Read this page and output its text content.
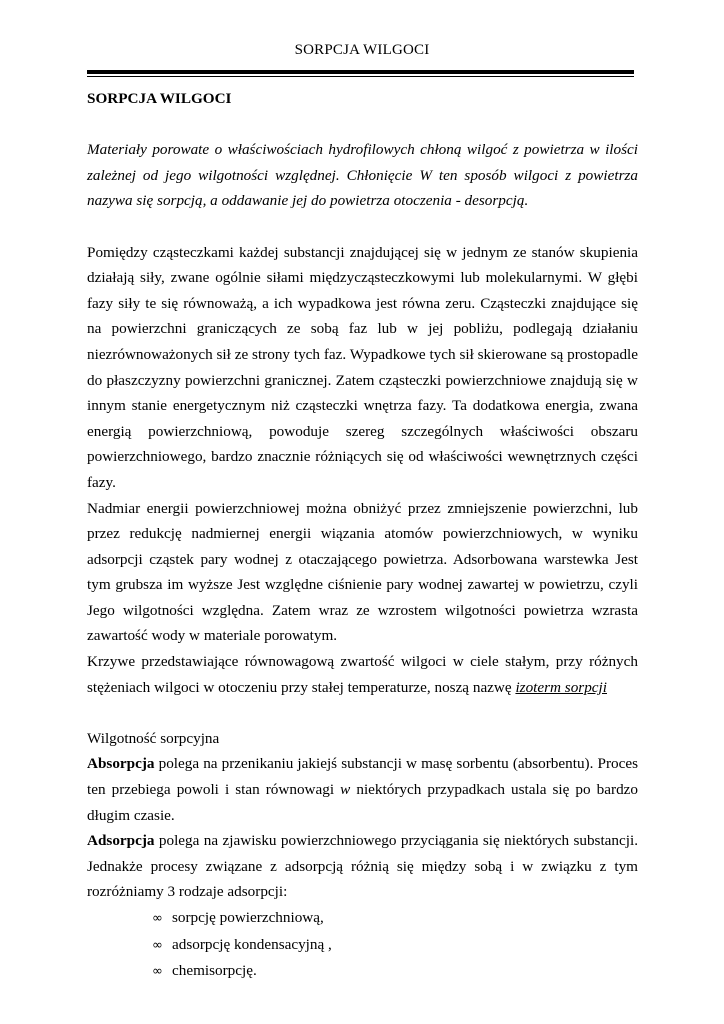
SORPCJA WILGOCI

SORPCJA WILGOCI

Materiały porowate o właściwościach hydrofilowych chłoną wilgoć z powietrza w ilości zależnej od jego wilgotności względnej. Chłonięcie W ten sposób wilgoci z powietrza nazywa się sorpcją, a oddawanie jej do powietrza otoczenia - desorpcją.

Pomiędzy cząsteczkami każdej substancji znajdującej się w jednym ze stanów skupienia działają siły, zwane ogólnie siłami międzycząsteczkowymi lub molekularnymi. W głębi fazy siły te się równoważą, a ich wypadkowa jest równa zeru. Cząsteczki znajdujące się na powierzchni graniczących ze sobą faz lub w jej pobliżu, podlegają działaniu niezrównoważonych sił ze strony tych faz. Wypadkowe tych sił skierowane są prostopadle do płaszczyzny powierzchni granicznej. Zatem cząsteczki powierzchniowe znajdują się w innym stanie energetycznym niż cząsteczki wnętrza fazy. Ta dodatkowa energia, zwana energią powierzchniową, powoduje szereg szczególnych właściwości obszaru powierzchniowego, bardzo znacznie różniących się od właściwości wewnętrznych części fazy.

Nadmiar energii powierzchniowej można obniżyć przez zmniejszenie powierzchni, lub przez redukcję nadmiernej energii wiązania atomów powierzchniowych, w wyniku adsorpcji cząstek pary wodnej z otaczającego powietrza. Adsorbowana warstewka Jest tym grubsza im wyższe Jest względne ciśnienie pary wodnej zawartej w powietrzu, czyli Jego wilgotności względna. Zatem wraz ze wzrostem wilgotności powietrza wzrasta zawartość wody w materiale porowatym.

Krzywe przedstawiające równowagową zwartość wilgoci w ciele stałym, przy różnych stężeniach wilgoci w otoczeniu przy stałej temperaturze, noszą nazwę izoterm sorpcji

Wilgotność sorpcyjna

Absorpcja polega na przenikaniu jakiejś substancji w masę sorbentu (absorbentu). Proces ten przebiega powoli i stan równowagi w niektórych przypadkach ustala się po bardzo długim czasie.

Adsorpcja polega na zjawisku powierzchniowego przyciągania się niektórych substancji. Jednakże procesy związane z adsorpcją różnią się między sobą i w związku z tym rozróżniamy 3 rodzaje adsorpcji:

∞ sorpcję powierzchniową,
∞ adsorpcję kondensacyjną ,
∞ chemisorpcję.
